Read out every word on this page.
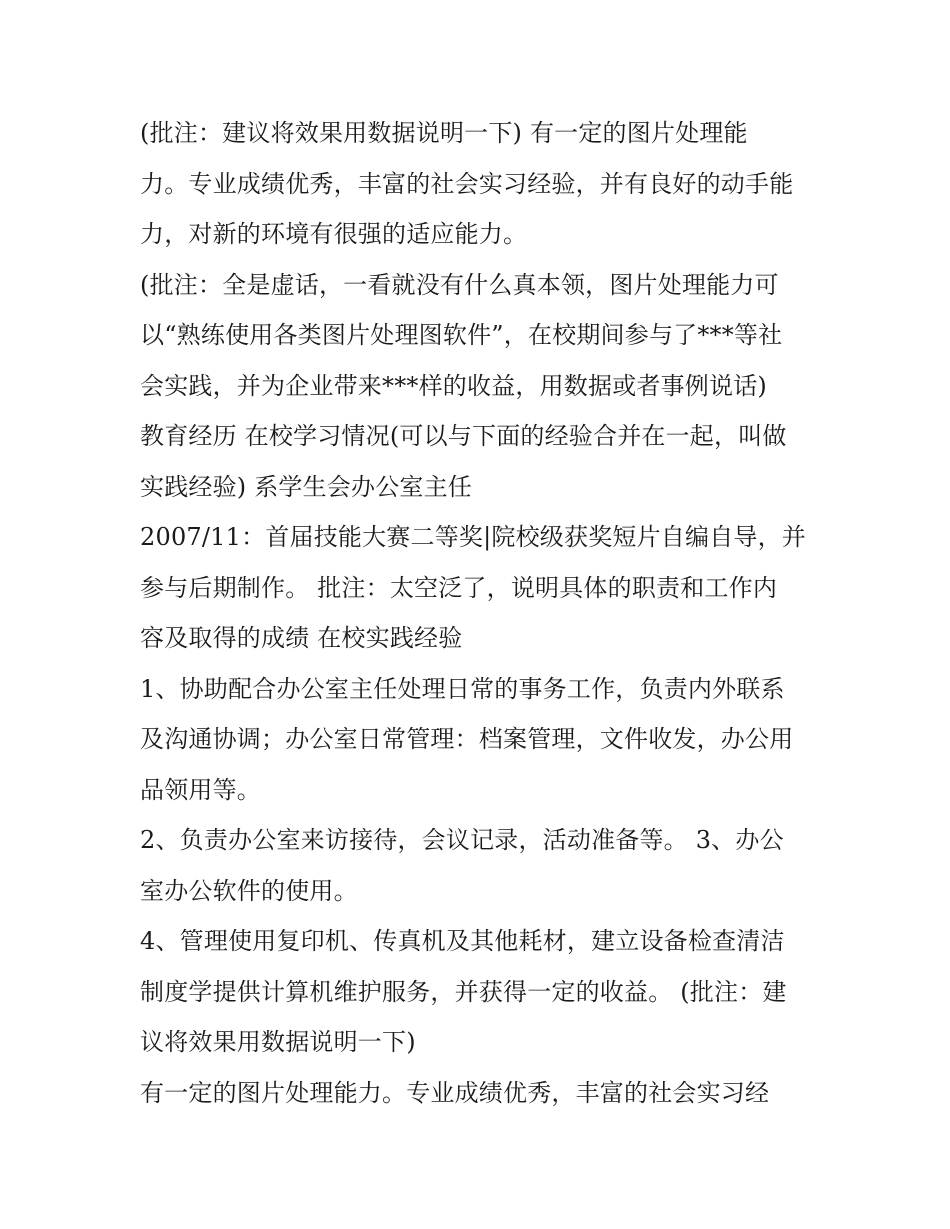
(批注：建议将效果用数据说明一下) 有一定的图片处理能
力。专业成绩优秀，丰富的社会实习经验，并有良好的动手能
力，对新的环境有很强的适应能力。
(批注：全是虚话，一看就没有什么真本领，图片处理能力可
以“熟练使用各类图片处理图软件”，在校期间参与了***等社
会实践，并为企业带来***样的收益，用数据或者事例说话)
教育经历 在校学习情况(可以与下面的经验合并在一起，叫做
实践经验) 系学生会办公室主任
2007/11：首届技能大赛二等奖|院校级获奖短片自编自导，并
参与后期制作。 批注：太空泛了，说明具体的职责和工作内
容及取得的成绩 在校实践经验
1、协助配合办公室主任处理日常的事务工作，负责内外联系
及沟通协调；办公室日常管理：档案管理，文件收发，办公用
品领用等。
2、负责办公室来访接待，会议记录，活动准备等。 3、办公
室办公软件的使用。
4、管理使用复印机、传真机及其他耗材，建立设备检查清洁
制度学提供计算机维护服务，并获得一定的收益。 (批注：建
议将效果用数据说明一下)
有一定的图片处理能力。专业成绩优秀，丰富的社会实习经
